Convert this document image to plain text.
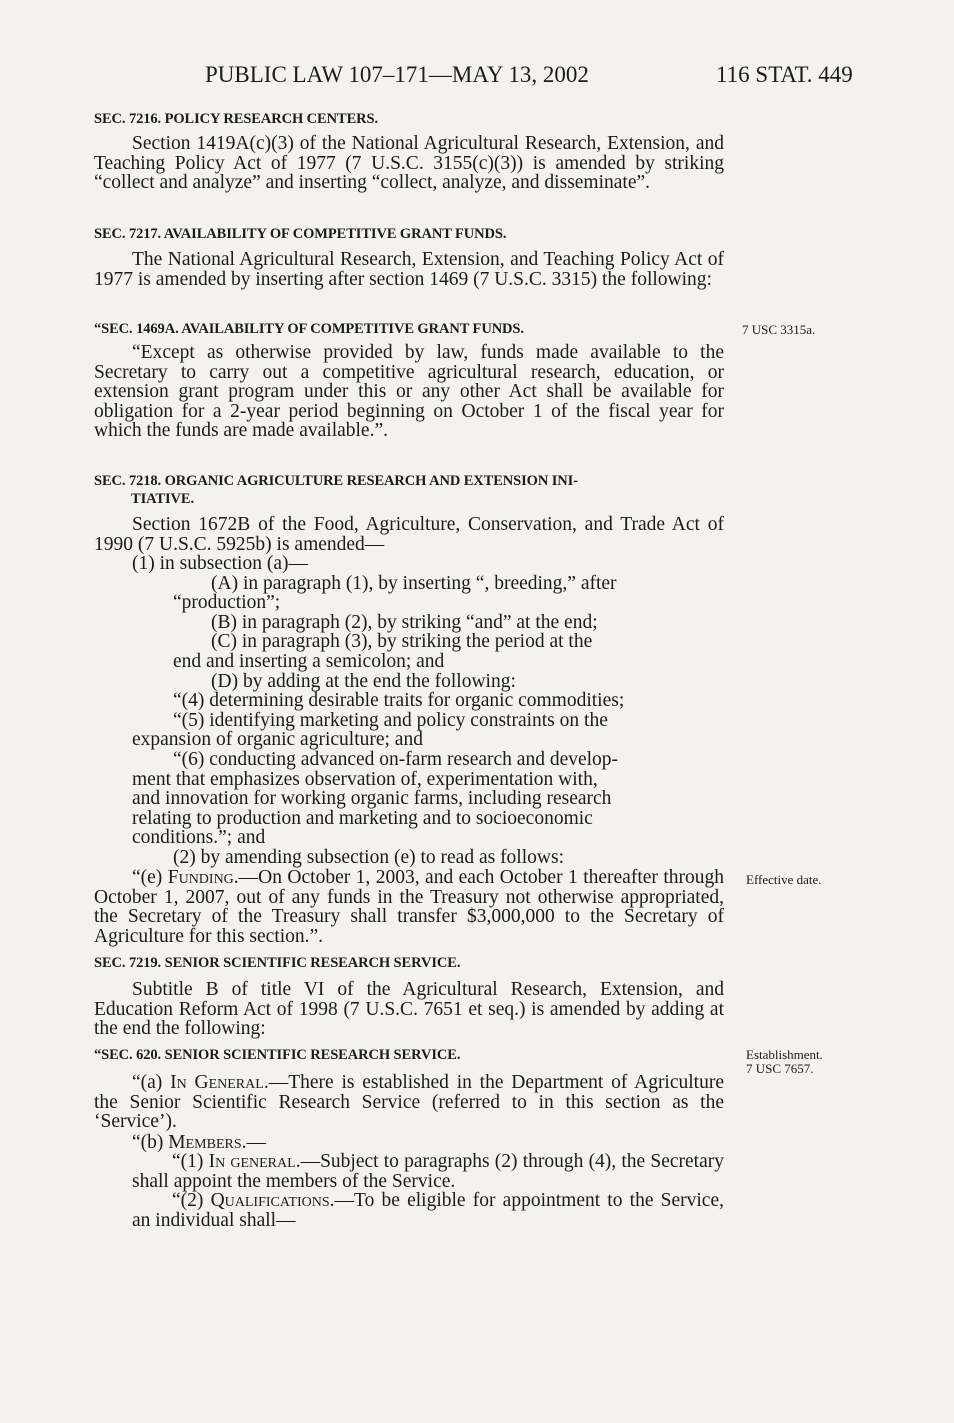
PUBLIC LAW 107–171—MAY 13, 2002	116 STAT. 449
SEC. 7216. POLICY RESEARCH CENTERS.
Section 1419A(c)(3) of the National Agricultural Research, Extension, and Teaching Policy Act of 1977 (7 U.S.C. 3155(c)(3)) is amended by striking “collect and analyze” and inserting “collect, analyze, and disseminate”.
SEC. 7217. AVAILABILITY OF COMPETITIVE GRANT FUNDS.
The National Agricultural Research, Extension, and Teaching Policy Act of 1977 is amended by inserting after section 1469 (7 U.S.C. 3315) the following:
“SEC. 1469A. AVAILABILITY OF COMPETITIVE GRANT FUNDS.	7 USC 3315a.
“Except as otherwise provided by law, funds made available to the Secretary to carry out a competitive agricultural research, education, or extension grant program under this or any other Act shall be available for obligation for a 2-year period beginning on October 1 of the fiscal year for which the funds are made available.”.
SEC. 7218. ORGANIC AGRICULTURE RESEARCH AND EXTENSION INI-
TIATIVE.
Section 1672B of the Food, Agriculture, Conservation, and Trade Act of 1990 (7 U.S.C. 5925b) is amended—
(1) in subsection (a)—
(A) in paragraph (1), by inserting “, breeding,” after
“production”;
(B) in paragraph (2), by striking “and” at the end;
(C) in paragraph (3), by striking the period at the
end and inserting a semicolon; and
(D) by adding at the end the following:
“(4) determining desirable traits for organic commodities;
“(5) identifying marketing and policy constraints on the
expansion of organic agriculture; and
“(6) conducting advanced on-farm research and develop-
ment that emphasizes observation of, experimentation with,
and innovation for working organic farms, including research
relating to production and marketing and to socioeconomic
conditions.”; and
(2) by amending subsection (e) to read as follows:
“(e) Funding.—On October 1, 2003, and each October 1 thereafter through October 1, 2007, out of any funds in the Treasury not otherwise appropriated, the Secretary of the Treasury shall transfer $3,000,000 to the Secretary of Agriculture for this section.”.
Effective date.
SEC. 7219. SENIOR SCIENTIFIC RESEARCH SERVICE.
Subtitle B of title VI of the Agricultural Research, Extension, and Education Reform Act of 1998 (7 U.S.C. 7651 et seq.) is amended by adding at the end the following:
“SEC. 620. SENIOR SCIENTIFIC RESEARCH SERVICE.	Establishment.
7 USC 7657.
“(a) In General.—There is established in the Department of Agriculture the Senior Scientific Research Service (referred to in this section as the ‘Service’).
“(b) Members.—
“(1) In general.—Subject to paragraphs (2) through (4), the Secretary shall appoint the members of the Service.
“(2) Qualifications.—To be eligible for appointment to the Service, an individual shall—
